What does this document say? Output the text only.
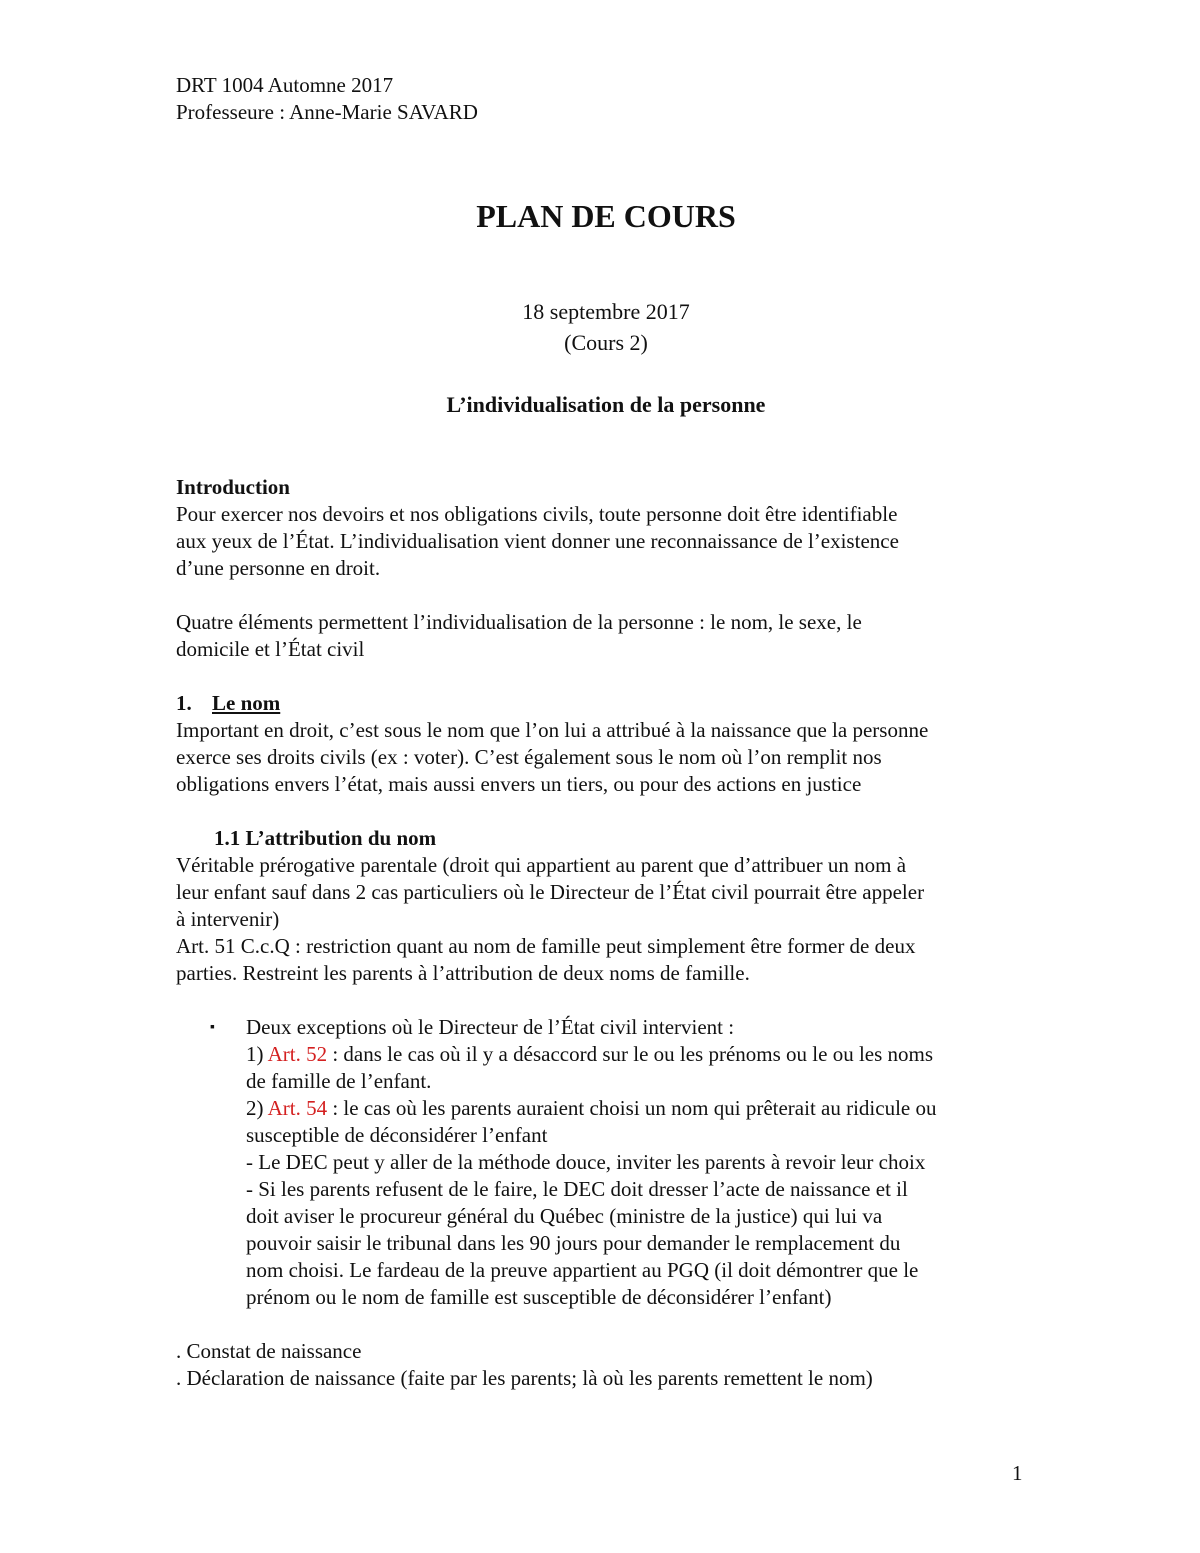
DRT 1004 Automne 2017

Professeure : Anne-Marie SAVARD

PLAN DE COURS

18 septembre 2017

(Cours 2)

L’individualisation de la personne

Introduction

Pour exercer nos devoirs et nos obligations civils, toute personne doit être identifiable

aux yeux de l’État. L’individualisation vient donner une reconnaissance de l’existence

d’une personne en droit.

Quatre éléments permettent l’individualisation de la personne : le nom, le sexe, le

domicile et l’État civil

1. Le nom

Important en droit, c’est sous le nom que l’on lui a attribué à la naissance que la personne

exerce ses droits civils (ex : voter). C’est également sous le nom où l’on remplit nos

obligations envers l’état, mais aussi envers un tiers, ou pour des actions en justice

1.1 L’attribution du nom

Véritable prérogative parentale (droit qui appartient au parent que d’attribuer un nom à

leur enfant sauf dans 2 cas particuliers où le Directeur de l’État civil pourrait être appeler

à intervenir)

Art. 51 C.c.Q : restriction quant au nom de famille peut simplement être former de deux

parties. Restreint les parents à l’attribution de deux noms de famille.

▪	Deux exceptions où le Directeur de l’État civil intervient :

1) Art. 52 : dans le cas où il y a désaccord sur le ou les prénoms ou le ou les noms

de famille de l’enfant.

2) Art. 54 : le cas où les parents auraient choisi un nom qui prêterait au ridicule ou

susceptible de déconsidérer l’enfant

- Le DEC peut y aller de la méthode douce, inviter les parents à revoir leur choix

- Si les parents refusent de le faire, le DEC doit dresser l’acte de naissance et il

doit aviser le procureur général du Québec (ministre de la justice) qui lui va

pouvoir saisir le tribunal dans les 90 jours pour demander le remplacement du

nom choisi. Le fardeau de la preuve appartient au PGQ (il doit démontrer que le

prénom ou le nom de famille est susceptible de déconsidérer l’enfant)

. Constat de naissance

. Déclaration de naissance (faite par les parents; là où les parents remettent le nom)

1
